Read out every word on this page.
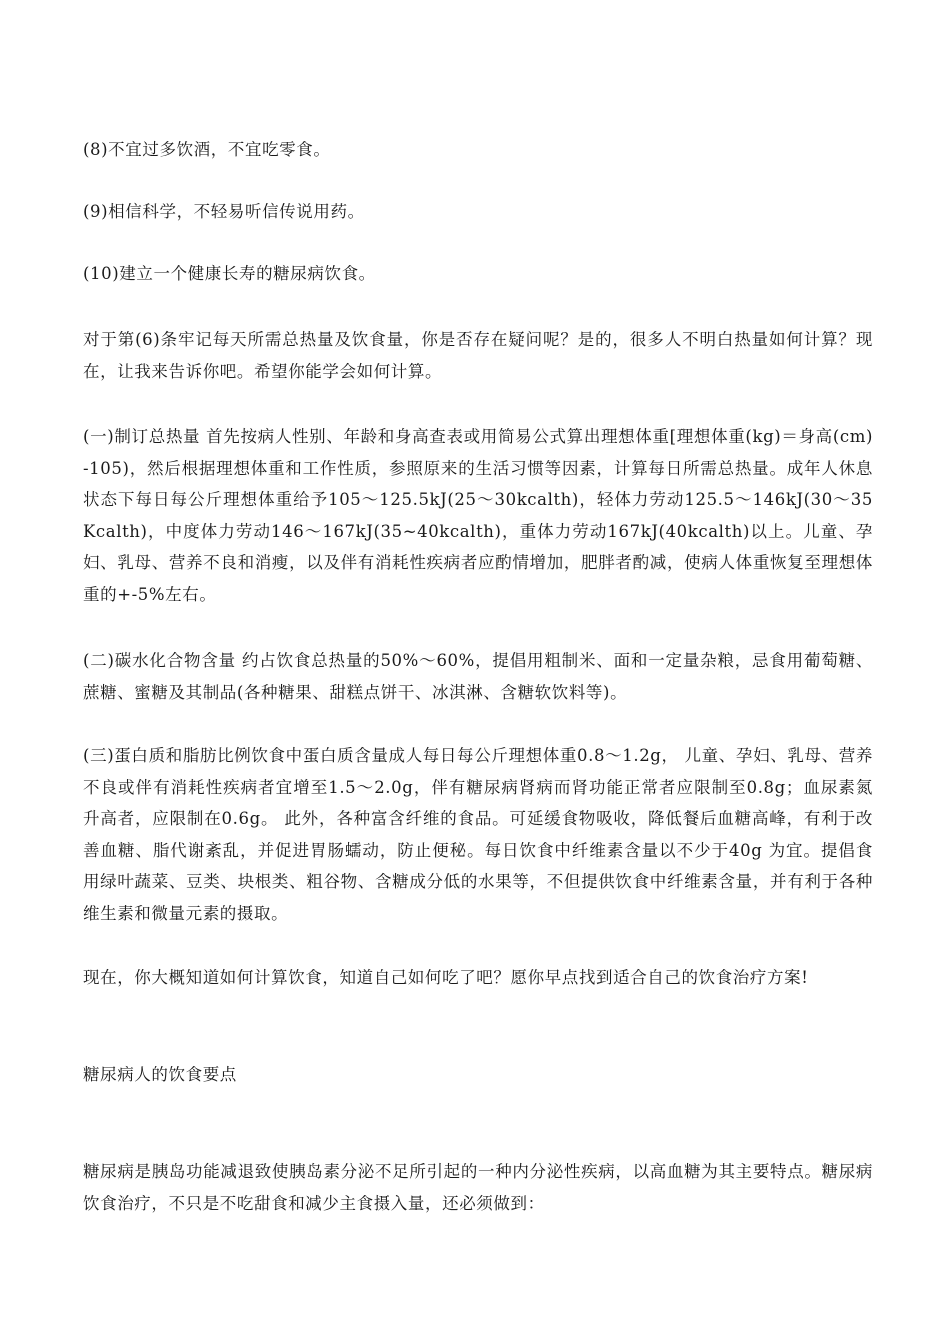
(8)不宜过多饮酒，不宜吃零食。

(9)相信科学，不轻易听信传说用药。

(10)建立一个健康长寿的糖尿病饮食。

对于第(6)条牢记每天所需总热量及饮食量，你是否存在疑问呢？是的，很多人不明白热量如何计算？现在，让我来告诉你吧。希望你能学会如何计算。

(一)制订总热量 首先按病人性别、年龄和身高查表或用简易公式算出理想体重[理想体重(kg)＝身高(cm)-105)，然后根据理想体重和工作性质，参照原来的生活习惯等因素，计算每日所需总热量。成年人休息状态下每日每公斤理想体重给予105～125.5kJ(25～30kcalth)，轻体力劳动125.5～146kJ(30～35Kcalth)，中度体力劳动146～167kJ(35~40kcalth)，重体力劳动167kJ(40kcalth)以上。儿童、孕妇、乳母、营养不良和消瘦，以及伴有消耗性疾病者应酌情增加，肥胖者酌减，使病人体重恢复至理想体重的+-5%左右。

(二)碳水化合物含量 约占饮食总热量的50%～60%，提倡用粗制米、面和一定量杂粮，忌食用葡萄糖、蔗糖、蜜糖及其制品(各种糖果、甜糕点饼干、冰淇淋、含糖软饮料等)。

(三)蛋白质和脂肪比例饮食中蛋白质含量成人每日每公斤理想体重0.8～1.2g， 儿童、孕妇、乳母、营养不良或伴有消耗性疾病者宜增至1.5～2.0g，伴有糖尿病肾病而肾功能正常者应限制至0.8g；血尿素氮升高者，应限制在0.6g。 此外，各种富含纤维的食品。可延缓食物吸收，降低餐后血糖高峰，有利于改善血糖、脂代谢紊乱，并促进胃肠蠕动，防止便秘。每日饮食中纤维素含量以不少于40g 为宜。提倡食用绿叶蔬菜、豆类、块根类、粗谷物、含糖成分低的水果等，不但提供饮食中纤维素含量，并有利于各种维生素和微量元素的摄取。

现在，你大概知道如何计算饮食，知道自己如何吃了吧？愿你早点找到适合自己的饮食治疗方案!

糖尿病人的饮食要点

糖尿病是胰岛功能减退致使胰岛素分泌不足所引起的一种内分泌性疾病，以高血糖为其主要特点。糖尿病饮食治疗，不只是不吃甜食和减少主食摄入量，还必须做到：
